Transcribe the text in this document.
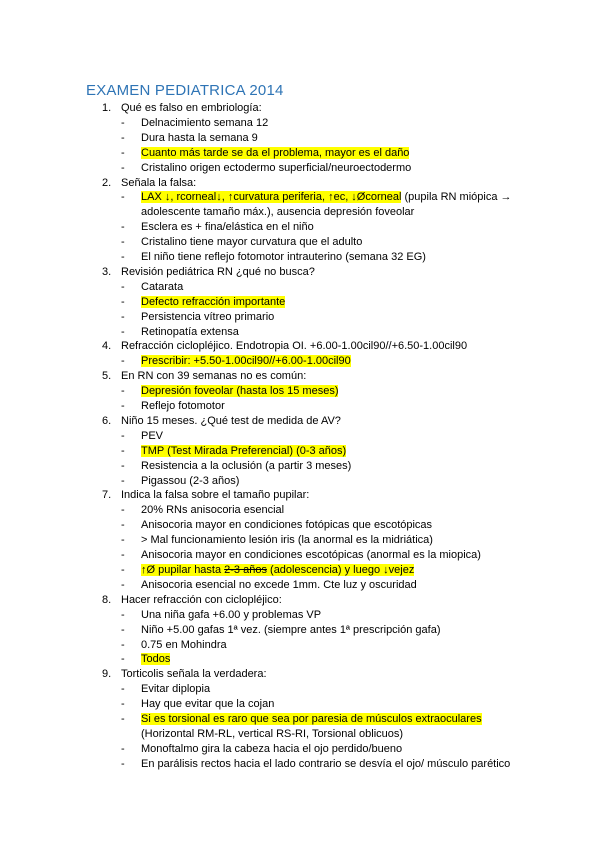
EXAMEN PEDIATRICA 2014
1. Qué es falso en embriología:
- Delnacimiento semana 12
- Dura hasta la semana 9
- Cuanto más tarde se da el problema, mayor es el daño
- Cristalino origen ectodermo superficial/neuroectodermo
2. Señala la falsa:
- LAX ↓, rcorneal↓, ↑curvatura periferia, ↑ec, ↓Øcorneal (pupila RN miópica → adolescente tamaño máx.), ausencia depresión foveolar
- Esclera es + fina/elástica en el niño
- Cristalino tiene mayor curvatura que el adulto
- El niño tiene reflejo fotomotor intrauterino (semana 32 EG)
3. Revisión pediátrica RN ¿qué no busca?
- Catarata
- Defecto refracción importante
- Persistencia vítreo primario
- Retinopatía extensa
4. Refracción ciclopléjico. Endotropia OI. +6.00-1.00cil90//+6.50-1.00cil90
- Prescribir: +5.50-1.00cil90//+6.00-1.00cil90
5. En RN con 39 semanas no es común:
- Depresión foveolar (hasta los 15 meses)
- Reflejo fotomotor
6. Niño 15 meses. ¿Qué test de medida de AV?
- PEV
- TMP (Test Mirada Preferencial) (0-3 años)
- Resistencia a la oclusión (a partir 3 meses)
- Pigassou (2-3 años)
7. Indica la falsa sobre el tamaño pupilar:
- 20% RNs anisocoria esencial
- Anisocoria mayor en condiciones fotópicas que escotópicas
- > Mal funcionamiento lesión iris (la anormal es la midriática)
- Anisocoria mayor en condiciones escotópicas (anormal es la miopica)
- ↑Ø pupilar hasta 2-3 años (adolescencia) y luego ↓vejez
- Anisocoria esencial no excede 1mm. Cte luz y oscuridad
8. Hacer refracción con ciclopléjico:
- Una niña gafa +6.00 y problemas VP
- Niño +5.00 gafas 1ª vez. (siempre antes 1ª prescripción gafa)
- 0.75 en Mohindra
- Todos
9. Torticolis señala la verdadera:
- Evitar diplopia
- Hay que evitar que la cojan
- Si es torsional es raro que sea por paresia de músculos extraoculares
(Horizontal RM-RL, vertical RS-RI, Torsional oblicuos)
- Monoftalmo gira la cabeza hacia el ojo perdido/bueno
- En parálisis rectos hacia el lado contrario se desvía el ojo/ músculo parético
